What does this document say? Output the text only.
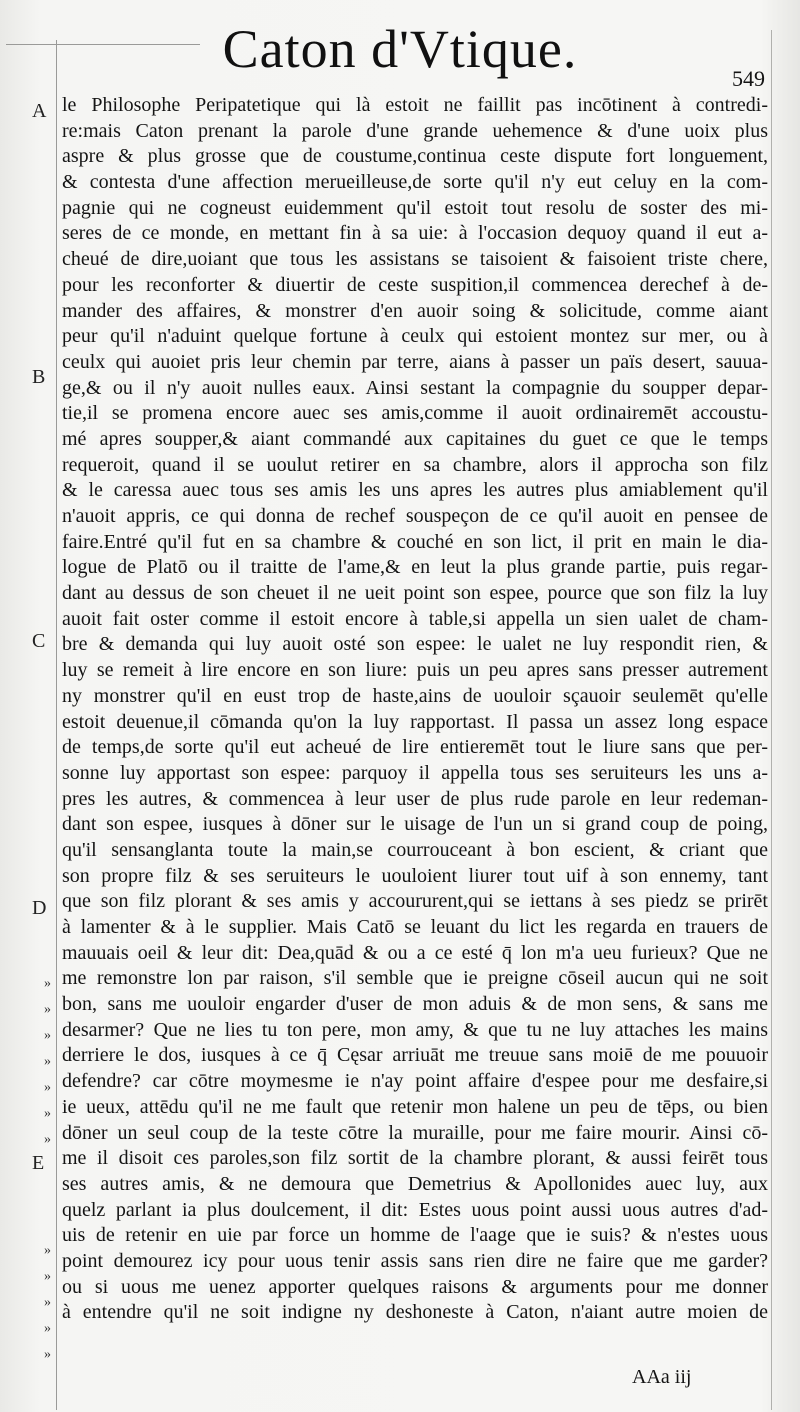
Caton d'Vtique.	549
A
B
C
D
E
»
»
»
»
»
»
»
»
»
»
»
»
le Philosophe Peripatetique qui là estoit ne faillit pas incōtinent à contredi-
re:mais Caton prenant la parole d'une grande uehemence & d'une uoix plus
aspre & plus grosse que de coustume,continua ceste dispute fort longuement,
& contesta d'une affection merueilleuse,de sorte qu'il n'y eut celuy en la com-
pagnie qui ne cogneust euidemment qu'il estoit tout resolu de soster des mi-
seres de ce monde, en mettant fin à sa uie: à l'occasion dequoy quand il eut a-
cheué de dire,uoiant que tous les assistans se taisoient & faisoient triste chere,
pour les reconforter & diuertir de ceste suspition,il commencea derechef à de-
mander des affaires, & monstrer d'en auoir soing & solicitude, comme aiant
peur qu'il n'aduint quelque fortune à ceulx qui estoient montez sur mer, ou à
ceulx qui auoiet pris leur chemin par terre, aians à passer un païs desert, sauua-
ge,& ou il n'y auoit nulles eaux. Ainsi sestant la compagnie du soupper depar-
tie,il se promena encore auec ses amis,comme il auoit ordinairemēt accoustu-
mé apres soupper,& aiant commandé aux capitaines du guet ce que le temps
requeroit, quand il se uoulut retirer en sa chambre, alors il approcha son filz
& le caressa auec tous ses amis les uns apres les autres plus amiablement qu'il
n'auoit appris, ce qui donna de rechef souspeçon de ce qu'il auoit en pensee de
faire.Entré qu'il fut en sa chambre & couché en son lict, il prit en main le dia-
logue de Platō ou il traitte de l'ame,& en leut la plus grande partie, puis regar-
dant au dessus de son cheuet il ne ueit point son espee, pource que son filz la luy
auoit fait oster comme il estoit encore à table,si appella un sien ualet de cham-
bre & demanda qui luy auoit osté son espee: le ualet ne luy respondit rien, &
luy se remeit à lire encore en son liure: puis un peu apres sans presser autrement
ny monstrer qu'il en eust trop de haste,ains de uouloir sçauoir seulemēt qu'elle
estoit deuenue,il cōmanda qu'on la luy rapportast. Il passa un assez long espace
de temps,de sorte qu'il eut acheué de lire entieremēt tout le liure sans que per-
sonne luy apportast son espee: parquoy il appella tous ses seruiteurs les uns a-
pres les autres, & commencea à leur user de plus rude parole en leur redeman-
dant son espee, iusques à dōner sur le uisage de l'un un si grand coup de poing,
qu'il sensanglanta toute la main,se courrouceant à bon escient, & criant que
son propre filz & ses seruiteurs le uouloient liurer tout uif à son ennemy, tant
que son filz plorant & ses amis y accoururent,qui se iettans à ses piedz se prirēt
à lamenter & à le supplier. Mais Catō se leuant du lict les regarda en trauers de
mauuais oeil & leur dit: Dea,quād & ou a ce esté q̄ lon m'a ueu furieux? Que ne
me remonstre lon par raison, s'il semble que ie preigne cōseil aucun qui ne soit
bon, sans me uouloir engarder d'user de mon aduis & de mon sens, & sans me
desarmer? Que ne lies tu ton pere, mon amy, & que tu ne luy attaches les mains
derriere le dos, iusques à ce q̄ Cęsar arriuāt me treuue sans moiē de me pouuoir
defendre? car cōtre moymesme ie n'ay point affaire d'espee pour me desfaire,si
ie ueux, attēdu qu'il ne me fault que retenir mon halene un peu de tēps, ou bien
dōner un seul coup de la teste cōtre la muraille, pour me faire mourir. Ainsi cō-
me il disoit ces paroles,son filz sortit de la chambre plorant, & aussi feirēt tous
ses autres amis, & ne demoura que Demetrius & Apollonides auec luy, aux
quelz parlant ia plus doulcement, il dit: Estes uous point aussi uous autres d'ad-
uis de retenir en uie par force un homme de l'aage que ie suis? & n'estes uous
point demourez icy pour uous tenir assis sans rien dire ne faire que me garder?
ou si uous me uenez apporter quelques raisons & arguments pour me donner
à entendre qu'il ne soit indigne ny deshoneste à Caton, n'aiant autre moien de
AAa iij
